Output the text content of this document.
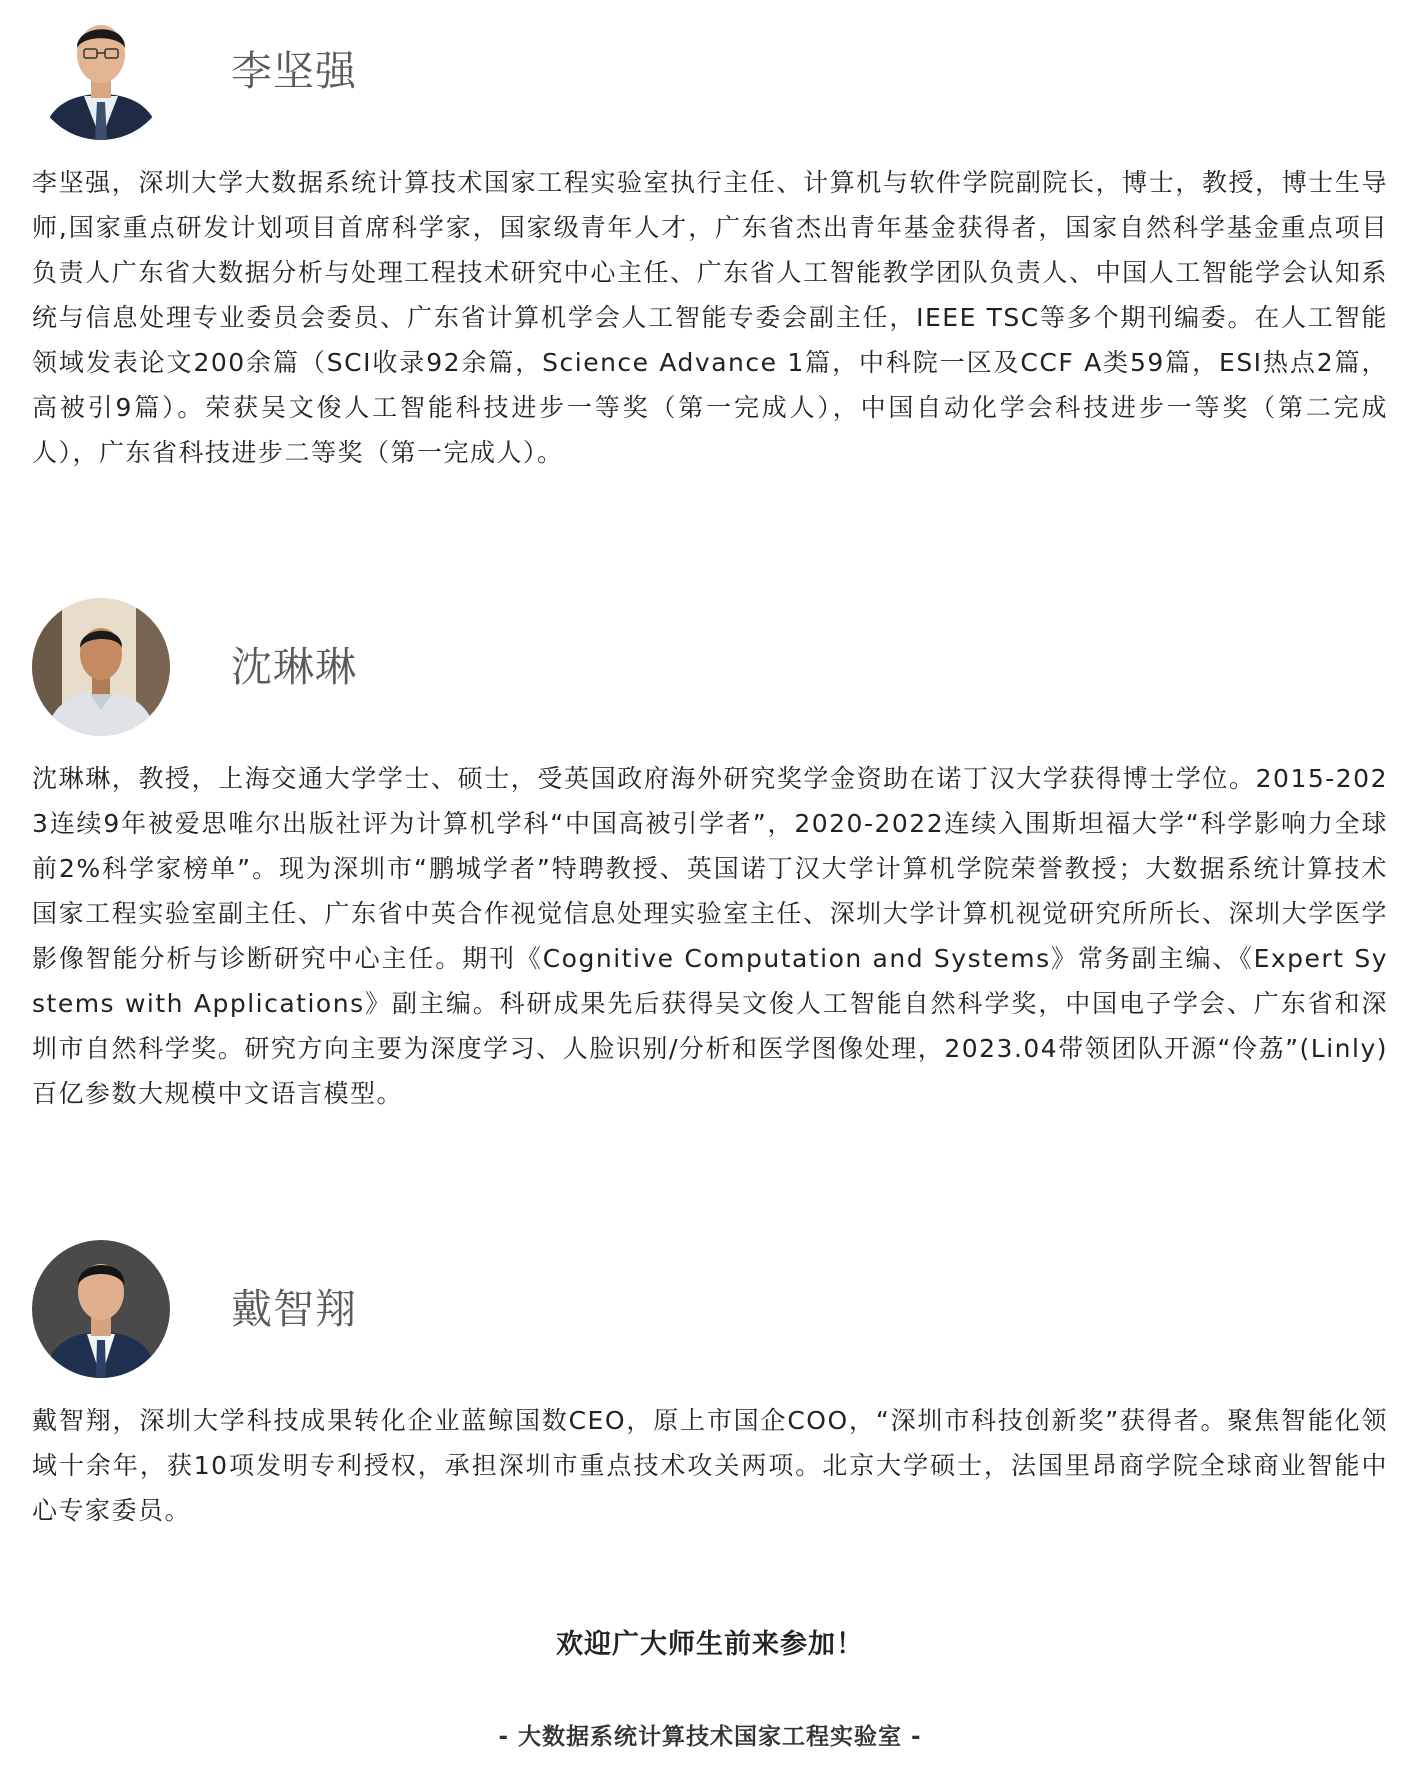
李坚强
李坚强，深圳大学大数据系统计算技术国家工程实验室执行主任、计算机与软件学院副院长，博士，教授，博士生导师,国家重点研发计划项目首席科学家，国家级青年人才，广东省杰出青年基金获得者，国家自然科学基金重点项目负责人广东省大数据分析与处理工程技术研究中心主任、广东省人工智能教学团队负责人、中国人工智能学会认知系统与信息处理专业委员会委员、广东省计算机学会人工智能专委会副主任，IEEE TSC等多个期刊编委。在人工智能领域发表论文200余篇（SCI收录92余篇，Science Advance 1篇，中科院一区及CCF A类59篇，ESI热点2篇，高被引9篇）。荣获吴文俊人工智能科技进步一等奖（第一完成人），中国自动化学会科技进步一等奖（第二完成人），广东省科技进步二等奖（第一完成人）。
沈琳琳
沈琳琳，教授，上海交通大学学士、硕士，受英国政府海外研究奖学金资助在诺丁汉大学获得博士学位。2015-2023连续9年被爱思唯尔出版社评为计算机学科“中国高被引学者”，2020-2022连续入围斯坦福大学“科学影响力全球前2%科学家榜单”。现为深圳市“鹏城学者”特聘教授、英国诺丁汉大学计算机学院荣誉教授；大数据系统计算技术国家工程实验室副主任、广东省中英合作视觉信息处理实验室主任、深圳大学计算机视觉研究所所长、深圳大学医学影像智能分析与诊断研究中心主任。期刊《Cognitive Computation and Systems》常务副主编、《Expert Systems with Applications》副主编。科研成果先后获得吴文俊人工智能自然科学奖，中国电子学会、广东省和深圳市自然科学奖。研究方向主要为深度学习、人脸识别/分析和医学图像处理，2023.04带领团队开源“伶荔”(Linly)百亿参数大规模中文语言模型。
戴智翔
戴智翔，深圳大学科技成果转化企业蓝鲸国数CEO，原上市国企COO，“深圳市科技创新奖”获得者。聚焦智能化领域十余年，获10项发明专利授权，承担深圳市重点技术攻关两项。北京大学硕士，法国里昂商学院全球商业智能中心专家委员。
欢迎广大师生前来参加！
- 大数据系统计算技术国家工程实验室 -
